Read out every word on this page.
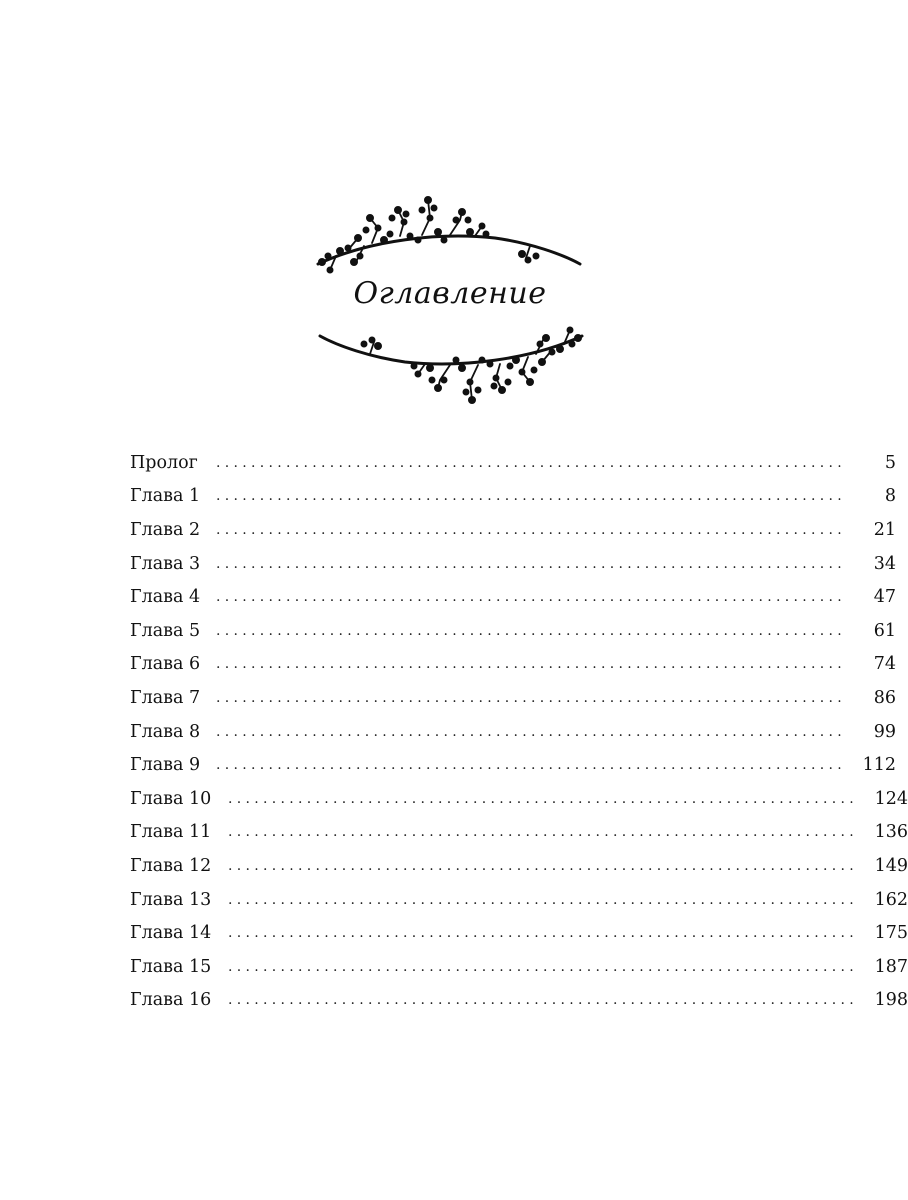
Оглавление
Пролог	........................................................................	5
Глава 1	........................................................................	8
Глава 2	........................................................................	21
Глава 3	........................................................................	34
Глава 4	........................................................................	47
Глава 5	........................................................................	61
Глава 6	........................................................................	74
Глава 7	........................................................................	86
Глава 8	........................................................................	99
Глава 9	........................................................................ 112
Глава 10	........................................................................ 124
Глава 11	........................................................................ 136
Глава 12	........................................................................ 149
Глава 13	........................................................................ 162
Глава 14	........................................................................ 175
Глава 15	........................................................................ 187
Глава 16	........................................................................ 198
